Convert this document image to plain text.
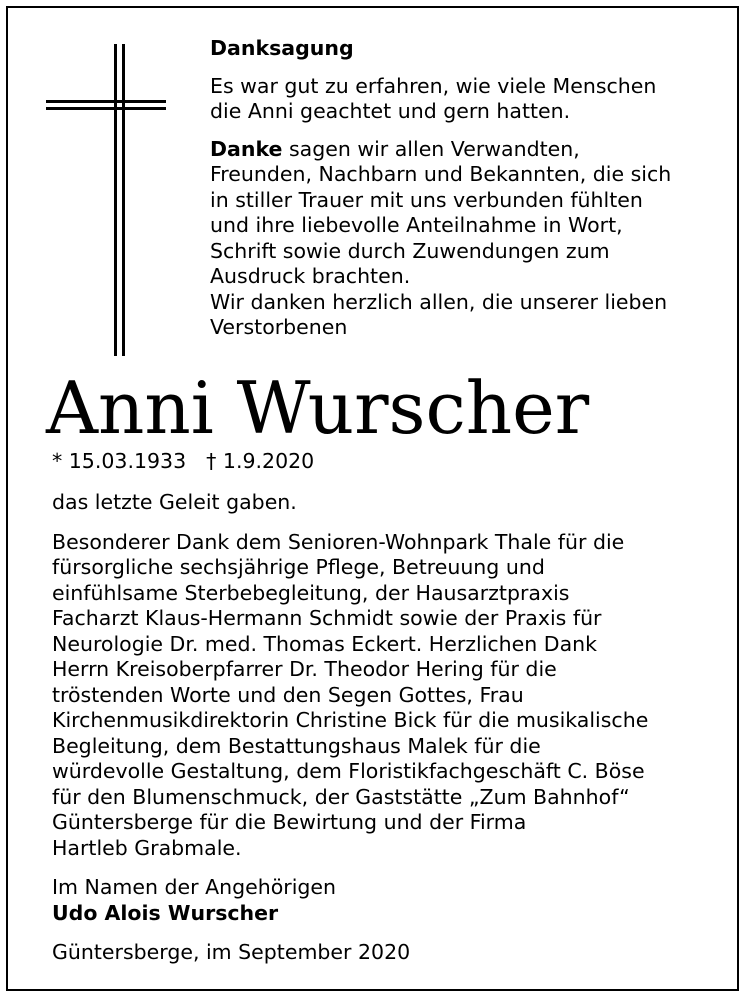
Danksagung

Es war gut zu erfahren, wie viele Menschen

die Anni geachtet und gern hatten.

Danke sagen wir allen Verwandten,

Freunden, Nachbarn und Bekannten, die sich

in stiller Trauer mit uns verbunden fühlten

und ihre liebevolle Anteilnahme in Wort,

Schrift sowie durch Zuwendungen zum

Ausdruck brachten.

Wir danken herzlich allen, die unserer lieben

Verstorbenen

Anni Wurscher
* 15.03.1933 † 1.9.2020

das letzte Geleit gaben.

Besonderer Dank dem Senioren-Wohnpark Thale für die

fürsorgliche sechsjährige Pflege, Betreuung und

einfühlsame Sterbebegleitung, der Hausarztpraxis

Facharzt Klaus-Hermann Schmidt sowie der Praxis für

Neurologie Dr. med. Thomas Eckert. Herzlichen Dank

Herrn Kreisoberpfarrer Dr. Theodor Hering für die

tröstenden Worte und den Segen Gottes, Frau

Kirchenmusikdirektorin Christine Bick für die musikalische

Begleitung, dem Bestattungshaus Malek für die

würdevolle Gestaltung, dem Floristikfachgeschäft C. Böse

für den Blumenschmuck, der Gaststätte „Zum Bahnhof“

Güntersberge für die Bewirtung und der Firma

Hartleb Grabmale.

Im Namen der Angehörigen

Udo Alois Wurscher

Güntersberge, im September 2020
